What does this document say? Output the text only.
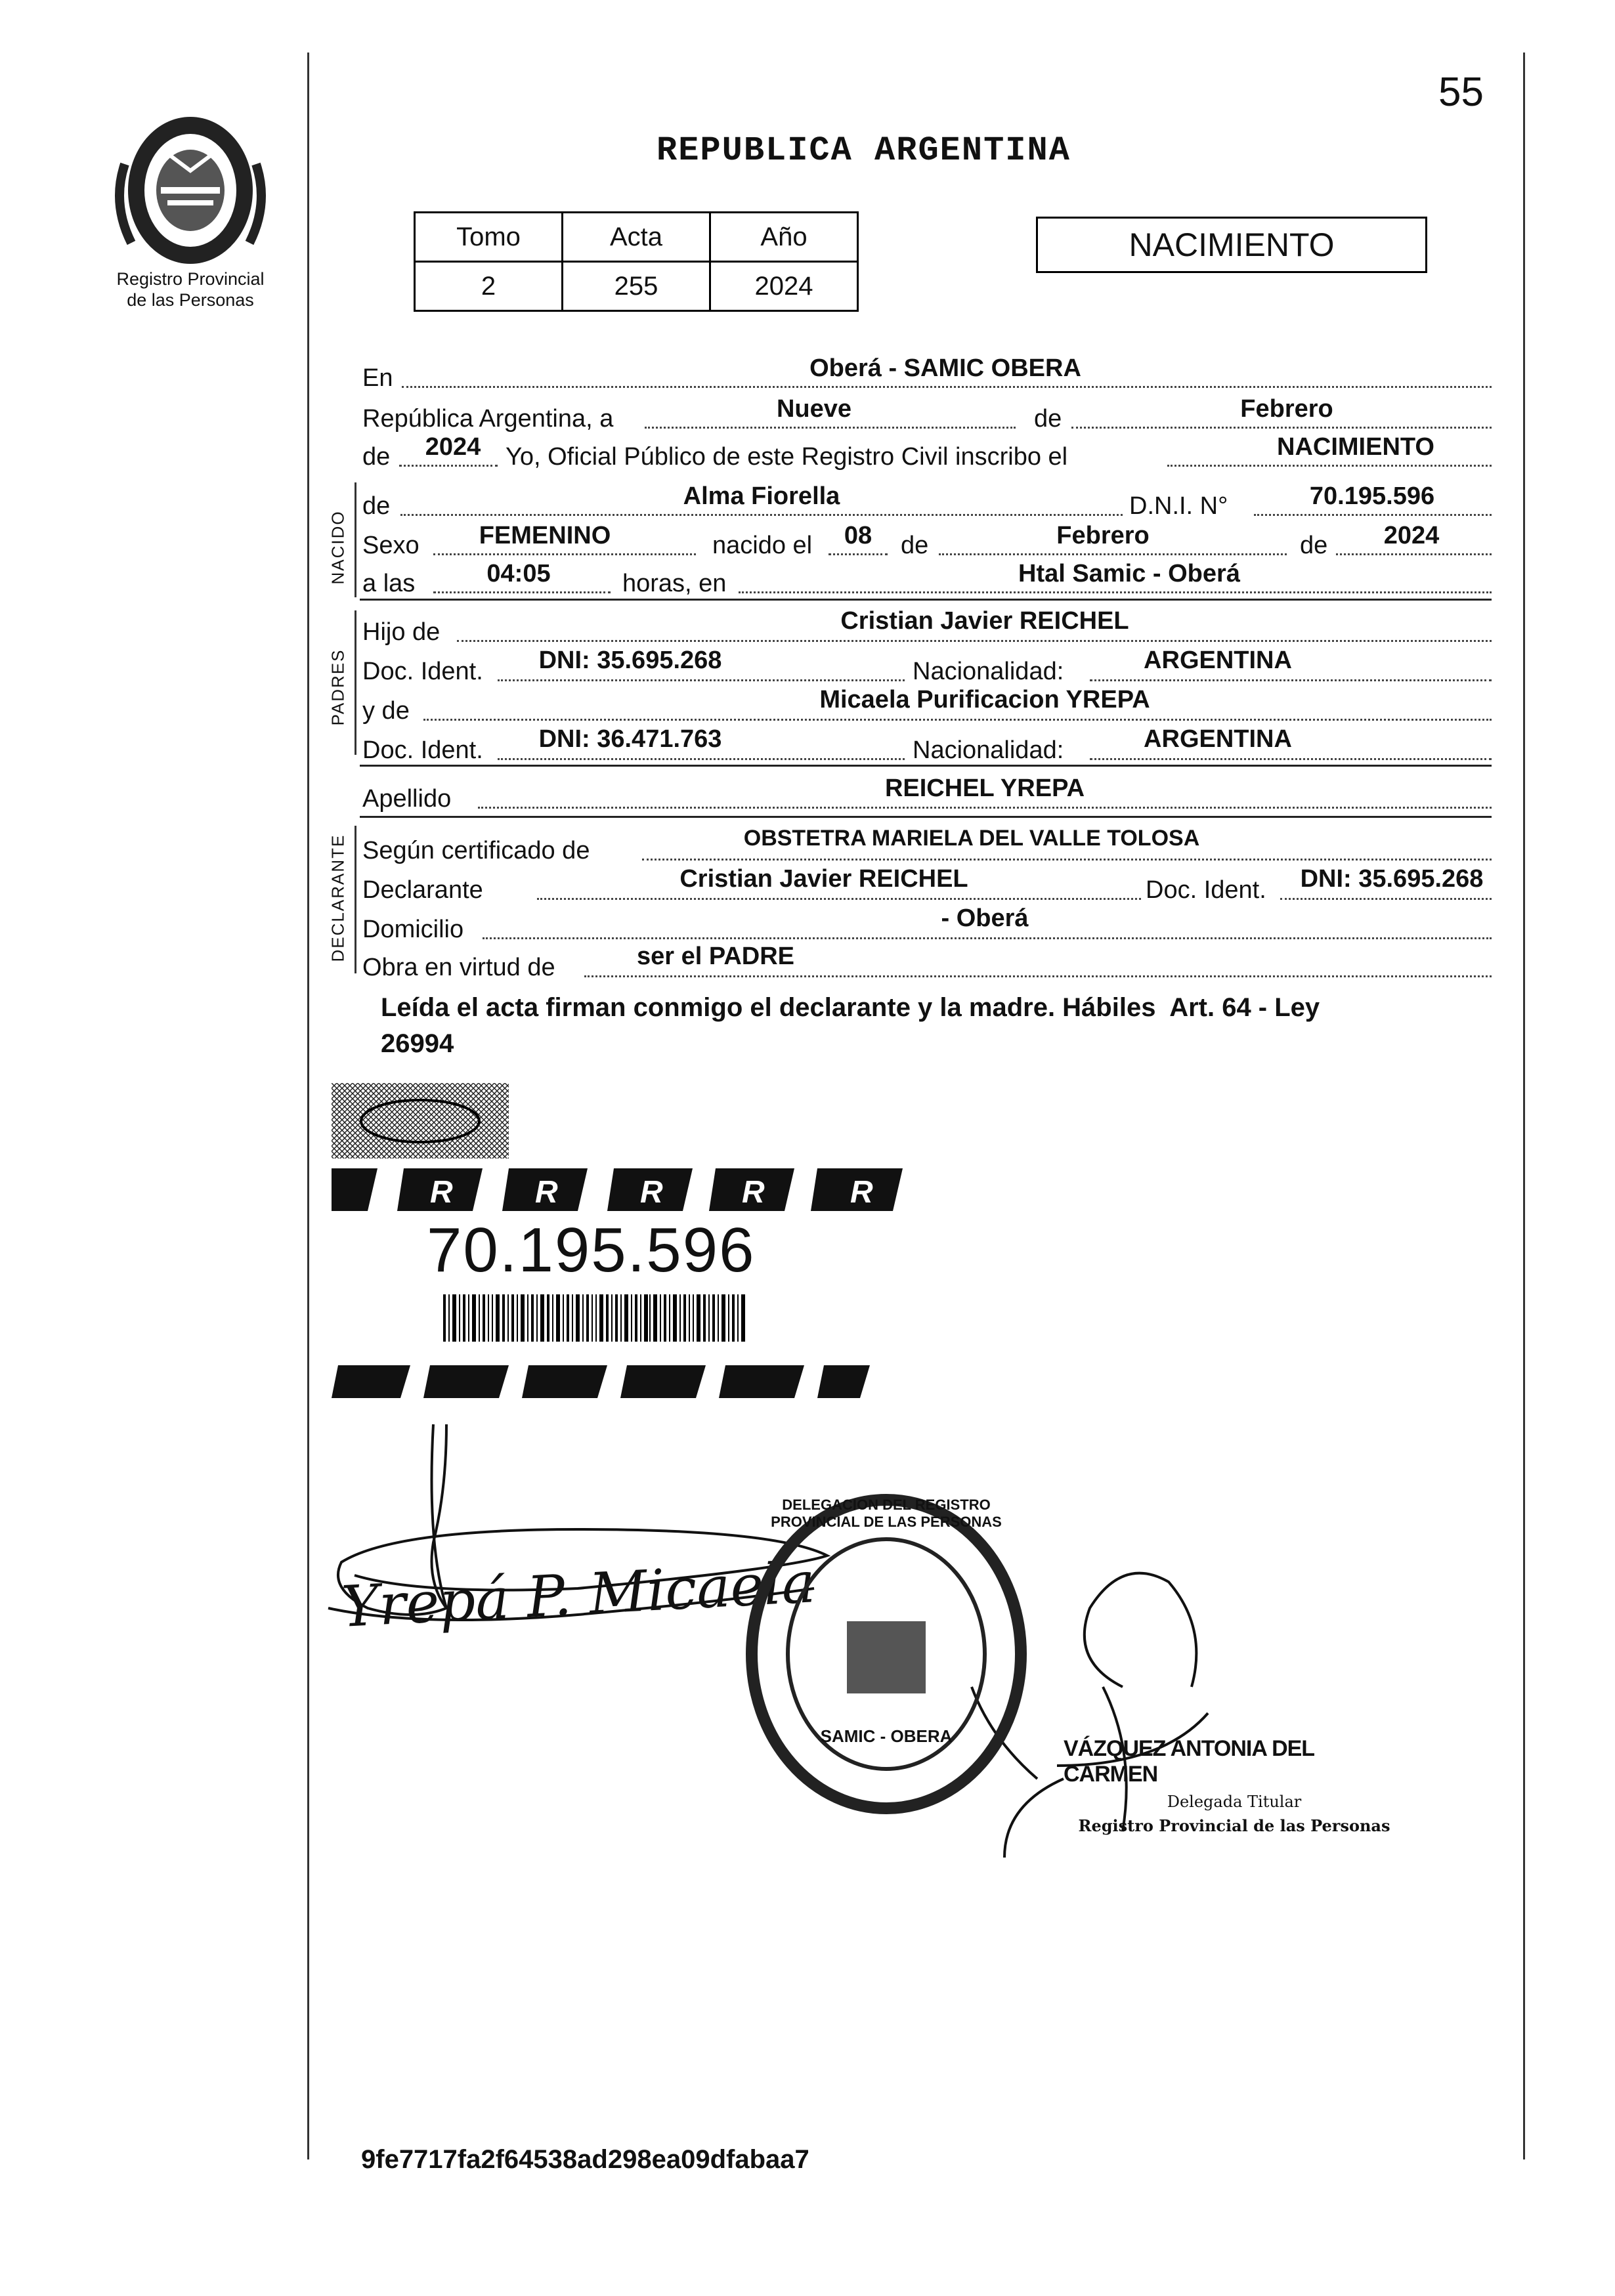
55
Registro Provincial
de las Personas
REPUBLICA ARGENTINA
Tomo	Acta	Año
2	255	2024
NACIMIENTO
En	Oberá - SAMIC OBERA
República Argentina, a	Nueve	de	Febrero
de 2024 Yo, Oficial Público de este Registro Civil inscribo el	NACIMIENTO
NACIDO
de	Alma Fiorella	D.N.I. N°	70.195.596
Sexo FEMENINO	nacido el 08 de	Febrero	de 2024
a las	04:05	horas, en	Htal Samic - Oberá
PADRES
Hijo de	Cristian Javier REICHEL
Doc. Ident. DNI: 35.695.268	Nacionalidad:	ARGENTINA
y de	Micaela Purificacion YREPA
Doc. Ident. DNI: 36.471.763	Nacionalidad:	ARGENTINA
Apellido	REICHEL YREPA
DECLARANTE Según certificado de	OBSTETRA MARIELA DEL VALLE TOLOSA
Declarante	Cristian Javier REICHEL	Doc. Ident. DNI: 35.695.268
Domicilio	- Oberá
Obra en virtud de	ser el PADRE
Leída el acta firman conmigo el declarante y la madre. Hábiles  Art. 64 - Ley
26994
R	R	R	R	R
70.195.596
Yrepá P. Micaela
DELEGACION DEL REGISTRO PROVINCIAL DE LAS PERSONAS
SAMIC - OBERA	VÁZQUEZ ANTONIA DEL CARMEN
Delegada Titular
Registro Provincial de las Personas
9fe7717fa2f64538ad298ea09dfabaa7
